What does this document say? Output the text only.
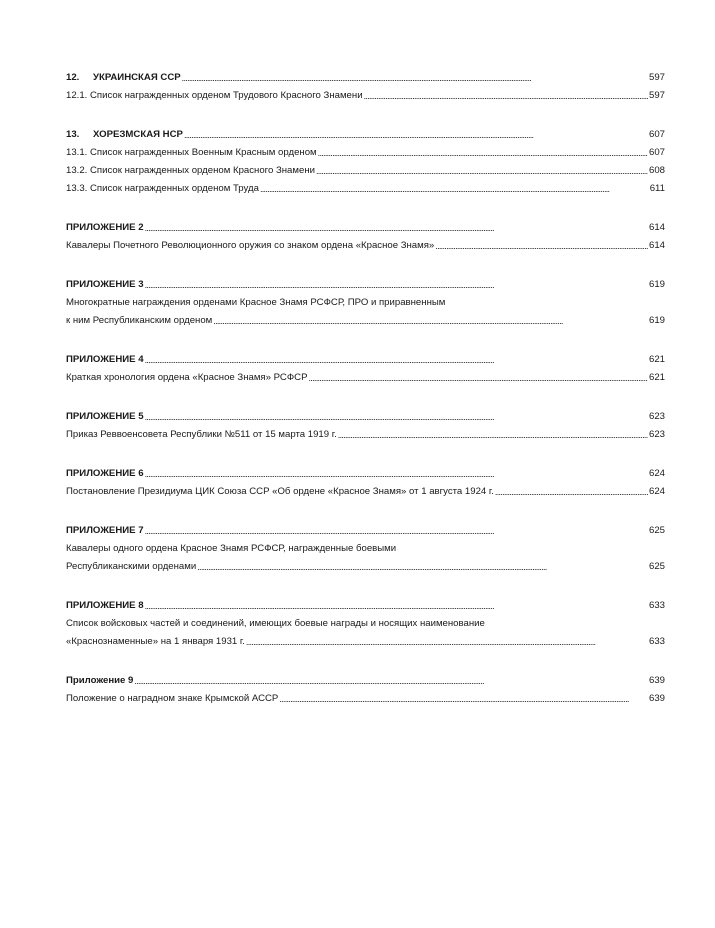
12. УКРАИНСКАЯ ССР . . .	597
12.1. Список награжденных орденом Трудового Красного Знамени . . .	597
13. ХОРЕЗМСКАЯ НСР . . .	607
13.1. Список награжденных Военным Красным орденом . . .	607
13.2. Список награжденных орденом Красного Знамени . . .	608
13.3. Список награжденных орденом Труда . . .	611
ПРИЛОЖЕНИЕ 2 . . .	614
Кавалеры Почетного Революционного оружия со знаком ордена «Красное Знамя» . . .	614
ПРИЛОЖЕНИЕ 3 . . .	619
Многократные награждения орденами Красное Знамя РСФСР, ПРО и приравненным
к ним Республиканским орденом . . .	619
ПРИЛОЖЕНИЕ 4 . . .	621
Краткая хронология ордена «Красное Знамя» РСФСР . . .	621
ПРИЛОЖЕНИЕ 5 . . .	623
Приказ Реввоенсовета Республики №511 от 15 марта 1919 г. . . .	623
ПРИЛОЖЕНИЕ 6 . . .	624
Постановление Президиума ЦИК Союза ССР «Об ордене «Красное Знамя» от 1 августа 1924 г. . . .	624
ПРИЛОЖЕНИЕ 7 . . .	625
Кавалеры одного ордена Красное Знамя РСФСР, награжденные боевыми
Республиканскими орденами . . .	625
ПРИЛОЖЕНИЕ 8 . . .	633
Список войсковых частей и соединений, имеющих боевые награды и носящих наименование
«Краснознаменные» на 1 января 1931 г. . . .	633
Приложение 9 . . .	639
Положение о наградном знаке Крымской АССР . . .	639
